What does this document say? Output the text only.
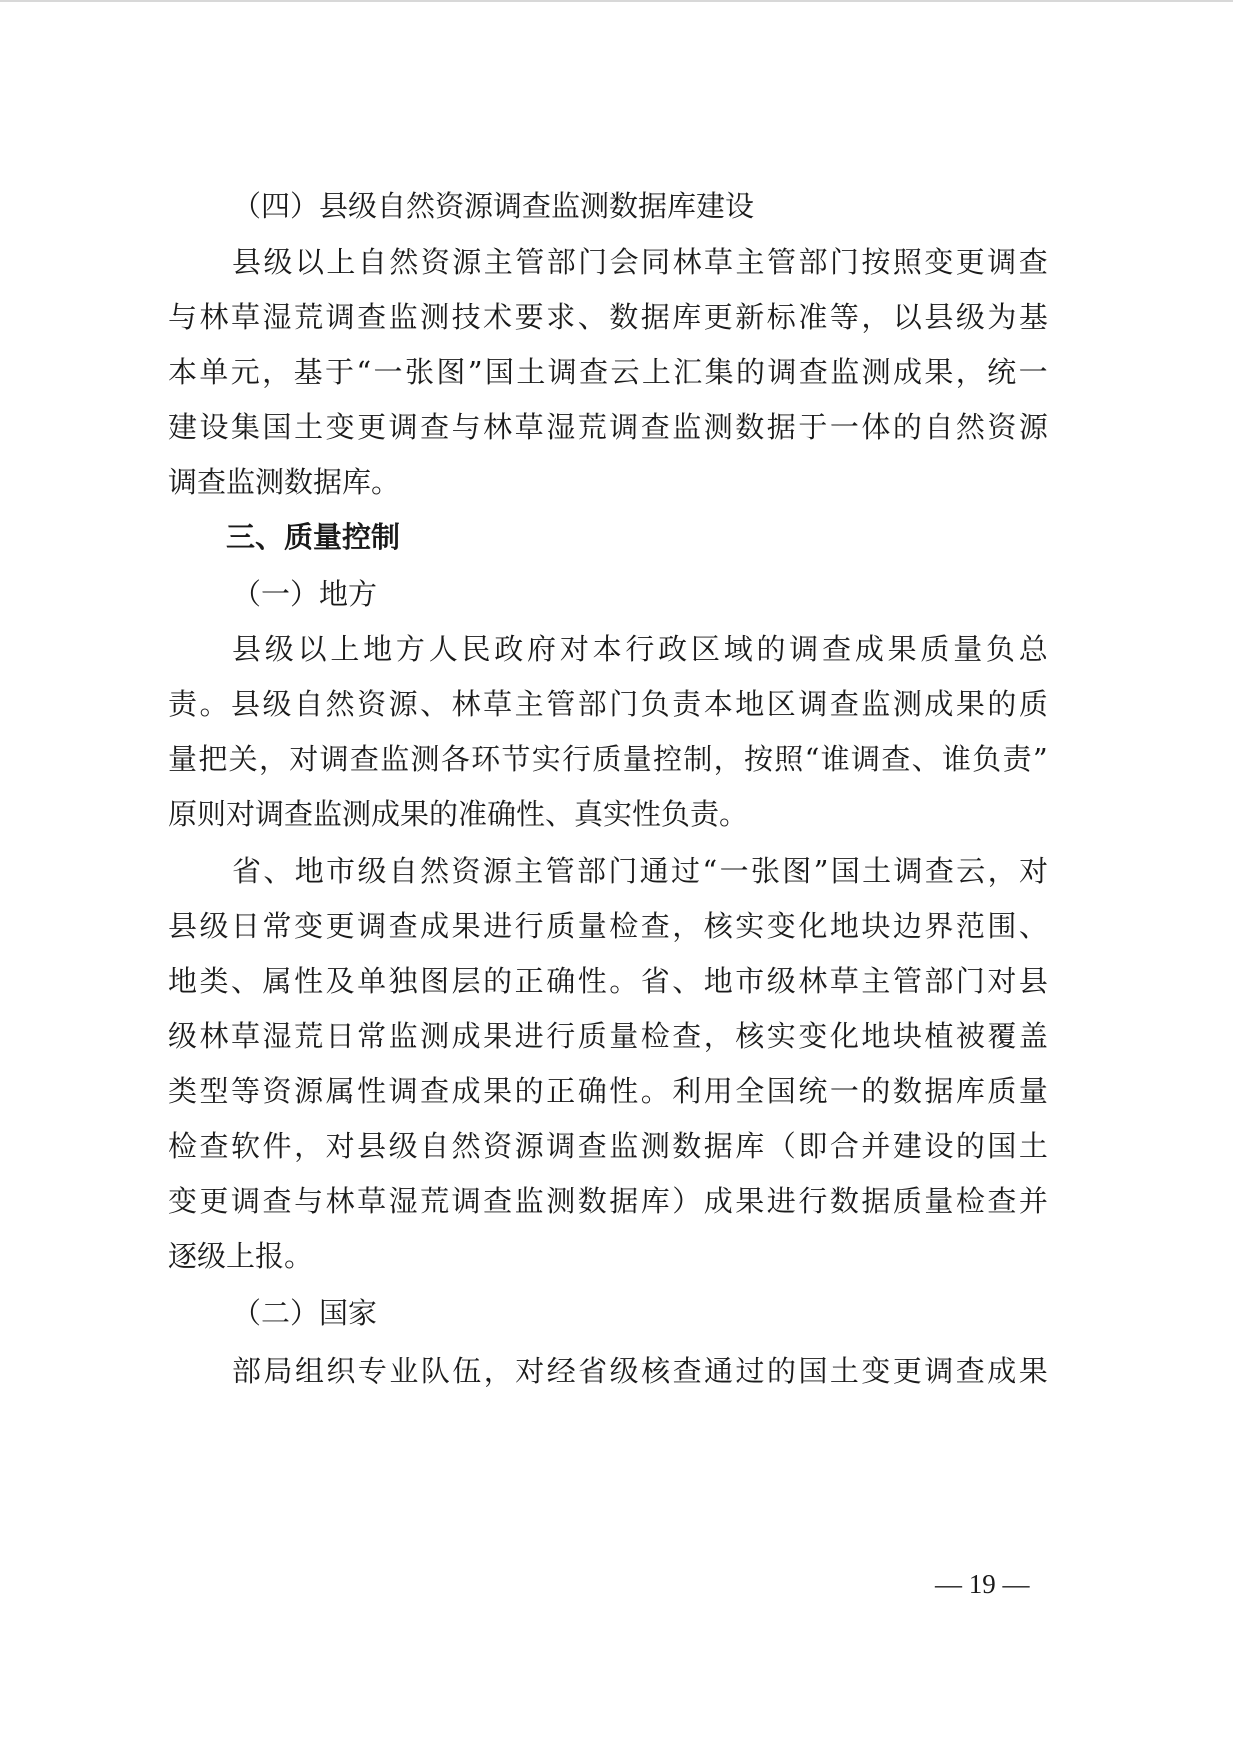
（四）县级自然资源调查监测数据库建设
县 级 以 上 自 然 资 源 主 管 部 门 会 同 林 草 主 管 部 门 按 照 变 更 调 查
与 林 草 湿 荒 调 查 监 测 技 术 要 求 、 数 据 库 更 新 标 准 等 ， 以 县 级 为 基
本 单 元 ， 基 于 “ 一 张 图 ” 国 土 调 查 云 上 汇 集 的 调 查 监 测 成 果 ， 统 一
建 设 集 国 土 变 更 调 查 与 林 草 湿 荒 调 查 监 测 数 据 于 一 体 的 自 然 资 源
调查监测数据库。
三、质量控制
（一）地方
县 级 以 上 地 方 人 民 政 府 对 本 行 政 区 域 的 调 查 成 果 质 量 负 总
责 。 县 级 自 然 资 源 、 林 草 主 管 部 门 负 责 本 地 区 调 查 监 测 成 果 的 质
量 把 关 ， 对 调 查 监 测 各 环 节 实 行 质 量 控 制 ， 按 照 “ 谁 调 查 、 谁 负 责 ”
原则对调查监测成果的准确性、真实性负责。
省 、 地 市 级 自 然 资 源 主 管 部 门 通 过 “ 一 张 图 ” 国 土 调 查 云 ， 对
县 级 日 常 变 更 调 查 成 果 进 行 质 量 检 查 ， 核 实 变 化 地 块 边 界 范 围 、
地 类 、 属 性 及 单 独 图 层 的 正 确 性 。 省 、 地 市 级 林 草 主 管 部 门 对 县
级 林 草 湿 荒 日 常 监 测 成 果 进 行 质 量 检 查 ， 核 实 变 化 地 块 植 被 覆 盖
类 型 等 资 源 属 性 调 查 成 果 的 正 确 性 。 利 用 全 国 统 一 的 数 据 库 质 量
检 查 软 件 ， 对 县 级 自 然 资 源 调 查 监 测 数 据 库 （ 即 合 并 建 设 的 国 土
变 更 调 查 与 林 草 湿 荒 调 查 监 测 数 据 库 ） 成 果 进 行 数 据 质 量 检 查 并
逐级上报。
（二）国家
部 局 组 织 专 业 队 伍 ， 对 经 省 级 核 查 通 过 的 国 土 变 更 调 查 成 果
— 19 —
